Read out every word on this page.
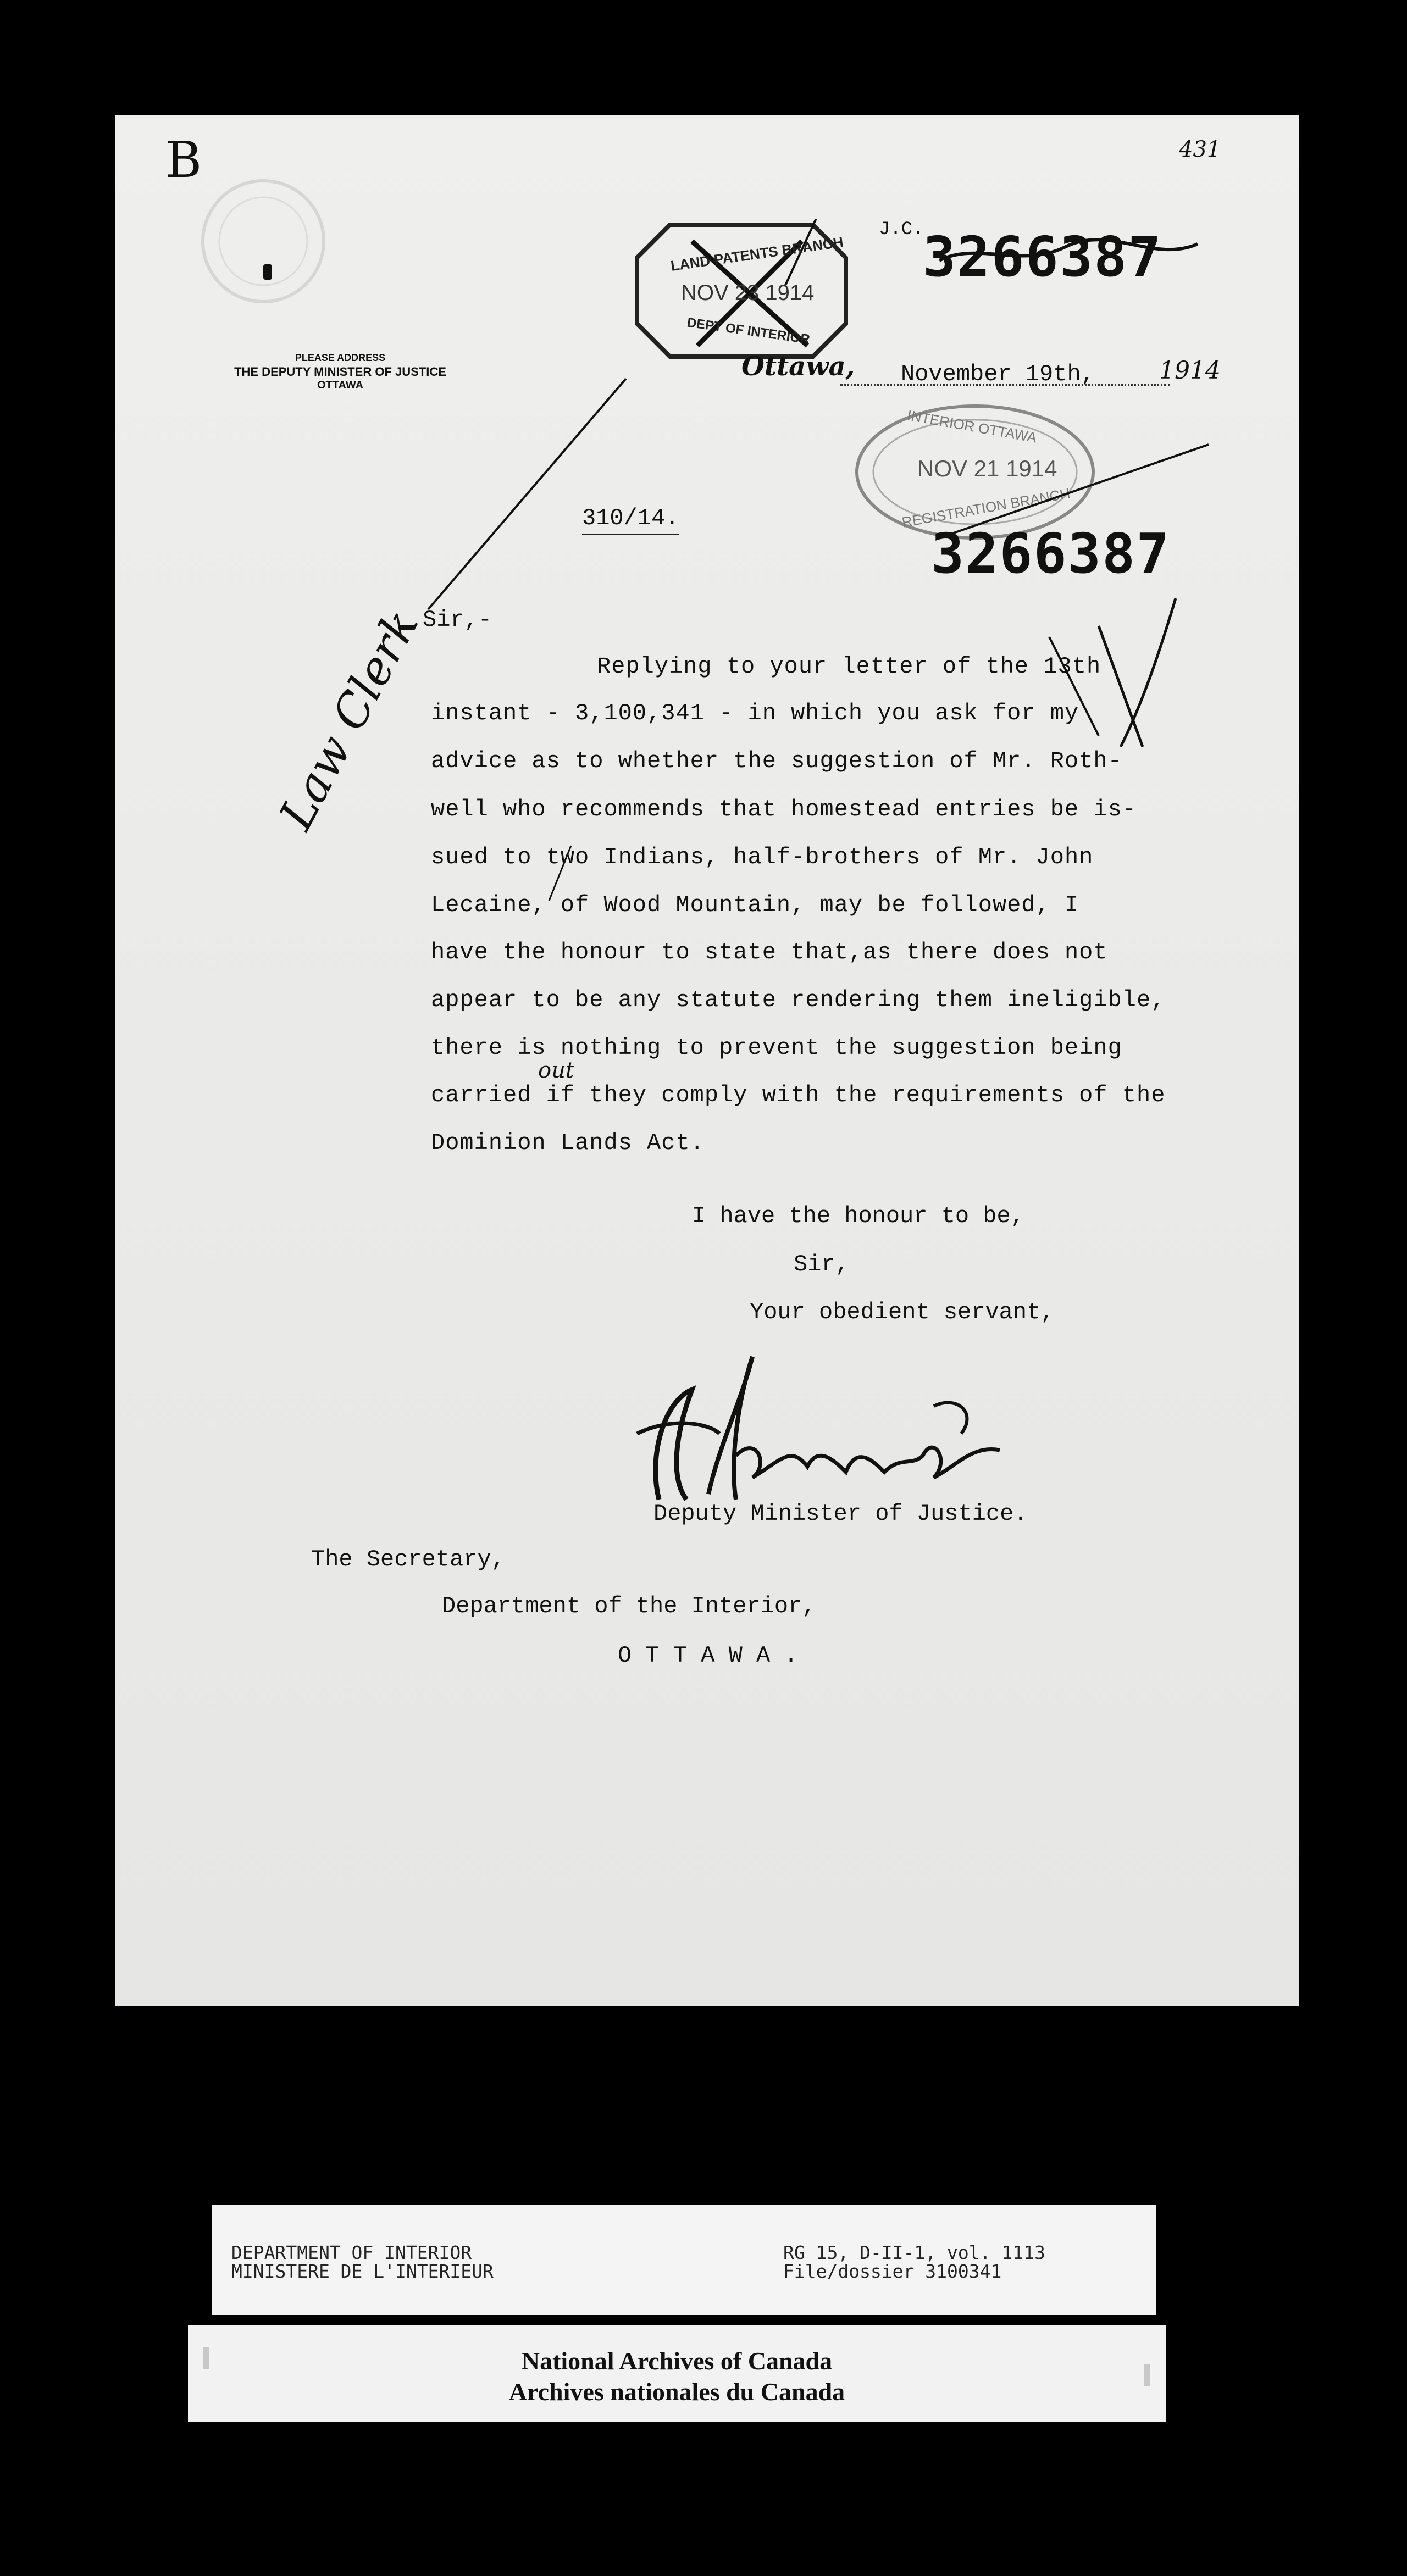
B	431
PLEASE ADDRESS
THE DEPUTY MINISTER OF JUSTICE
OTTAWA
LAND PATENTS BRANCH
NOV 23 1914
DEPT OF INTERIOR
J.C.
3266387
Ottawa, November 19th,	1914
INTERIOR OTTAWA
NOV 21 1914
REGISTRATION BRANCH
310/14.
3266387
Law Clerk
Sir,-
Replying to your letter of the 13th
instant - 3,100,341 - in which you ask for my
advice as to whether the suggestion of Mr. Roth-
well who recommends that homestead entries be is-
sued to two Indians, half-brothers of Mr. John
Lecaine, of Wood Mountain, may be followed, I
have the honour to state that,as there does not
appear to be any statute rendering them ineligible,
there is nothing to prevent the suggestion being
out
carried if they comply with the requirements of the
Dominion Lands Act.
I have the honour to be,
Sir,
Your obedient servant,
Deputy Minister of Justice.
The Secretary,
Department of the Interior,
O T T A W A .
DEPARTMENT OF INTERIOR
MINISTERE DE L'INTERIEUR
RG 15, D-II-1, vol. 1113
File/dossier 3100341
National Archives of Canada
Archives nationales du Canada
